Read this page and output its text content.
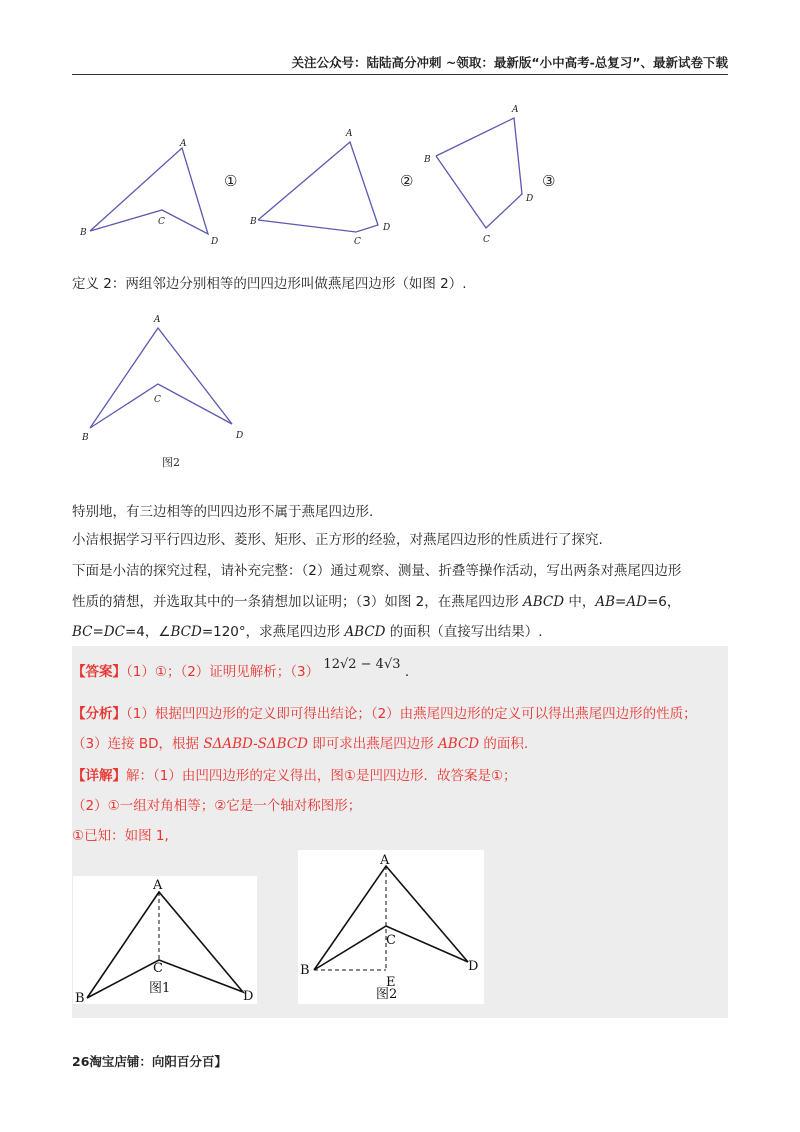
关注公众号：陆陆高分冲刺 ~领取：最新版“小中高考-总复习”、最新试卷下载
A
B
C
D
①
A
B
C
D
②
A
B
C
D
③
定义 2：两组邻边分别相等的凹四边形叫做燕尾四边形（如图 2）.
A
B
C
D
图2
特别地，有三边相等的凹四边形不属于燕尾四边形.
小洁根据学习平行四边形、菱形、矩形、正方形的经验，对燕尾四边形的性质进行了探究.
下面是小洁的探究过程，请补充完整：（2）通过观察、测量、折叠等操作活动，写出两条对燕尾四边形
性质的猜想，并选取其中的一条猜想加以证明；（3）如图 2，在燕尾四边形 ABCD 中，AB=AD=6，
BC=DC=4，∠BCD=120°，求燕尾四边形 ABCD 的面积（直接写出结果）.
【答案】（1）①；（2）证明见解析；（3） 12√2 − 4√3 .
【分析】（1）根据凹四边形的定义即可得出结论；（2）由燕尾四边形的定义可以得出燕尾四边形的性质；
（3）连接 BD，根据 SΔABD-SΔBCD 即可求出燕尾四边形 ABCD 的面积.
【详解】解：（1）由凹四边形的定义得出，图①是凹四边形．故答案是①；
（2）①一组对角相等；②它是一个轴对称图形；
①已知：如图 1,
A
B
C
D
图1
A
B
C
D
E
图2
26淘宝店铺：向阳百分百】
